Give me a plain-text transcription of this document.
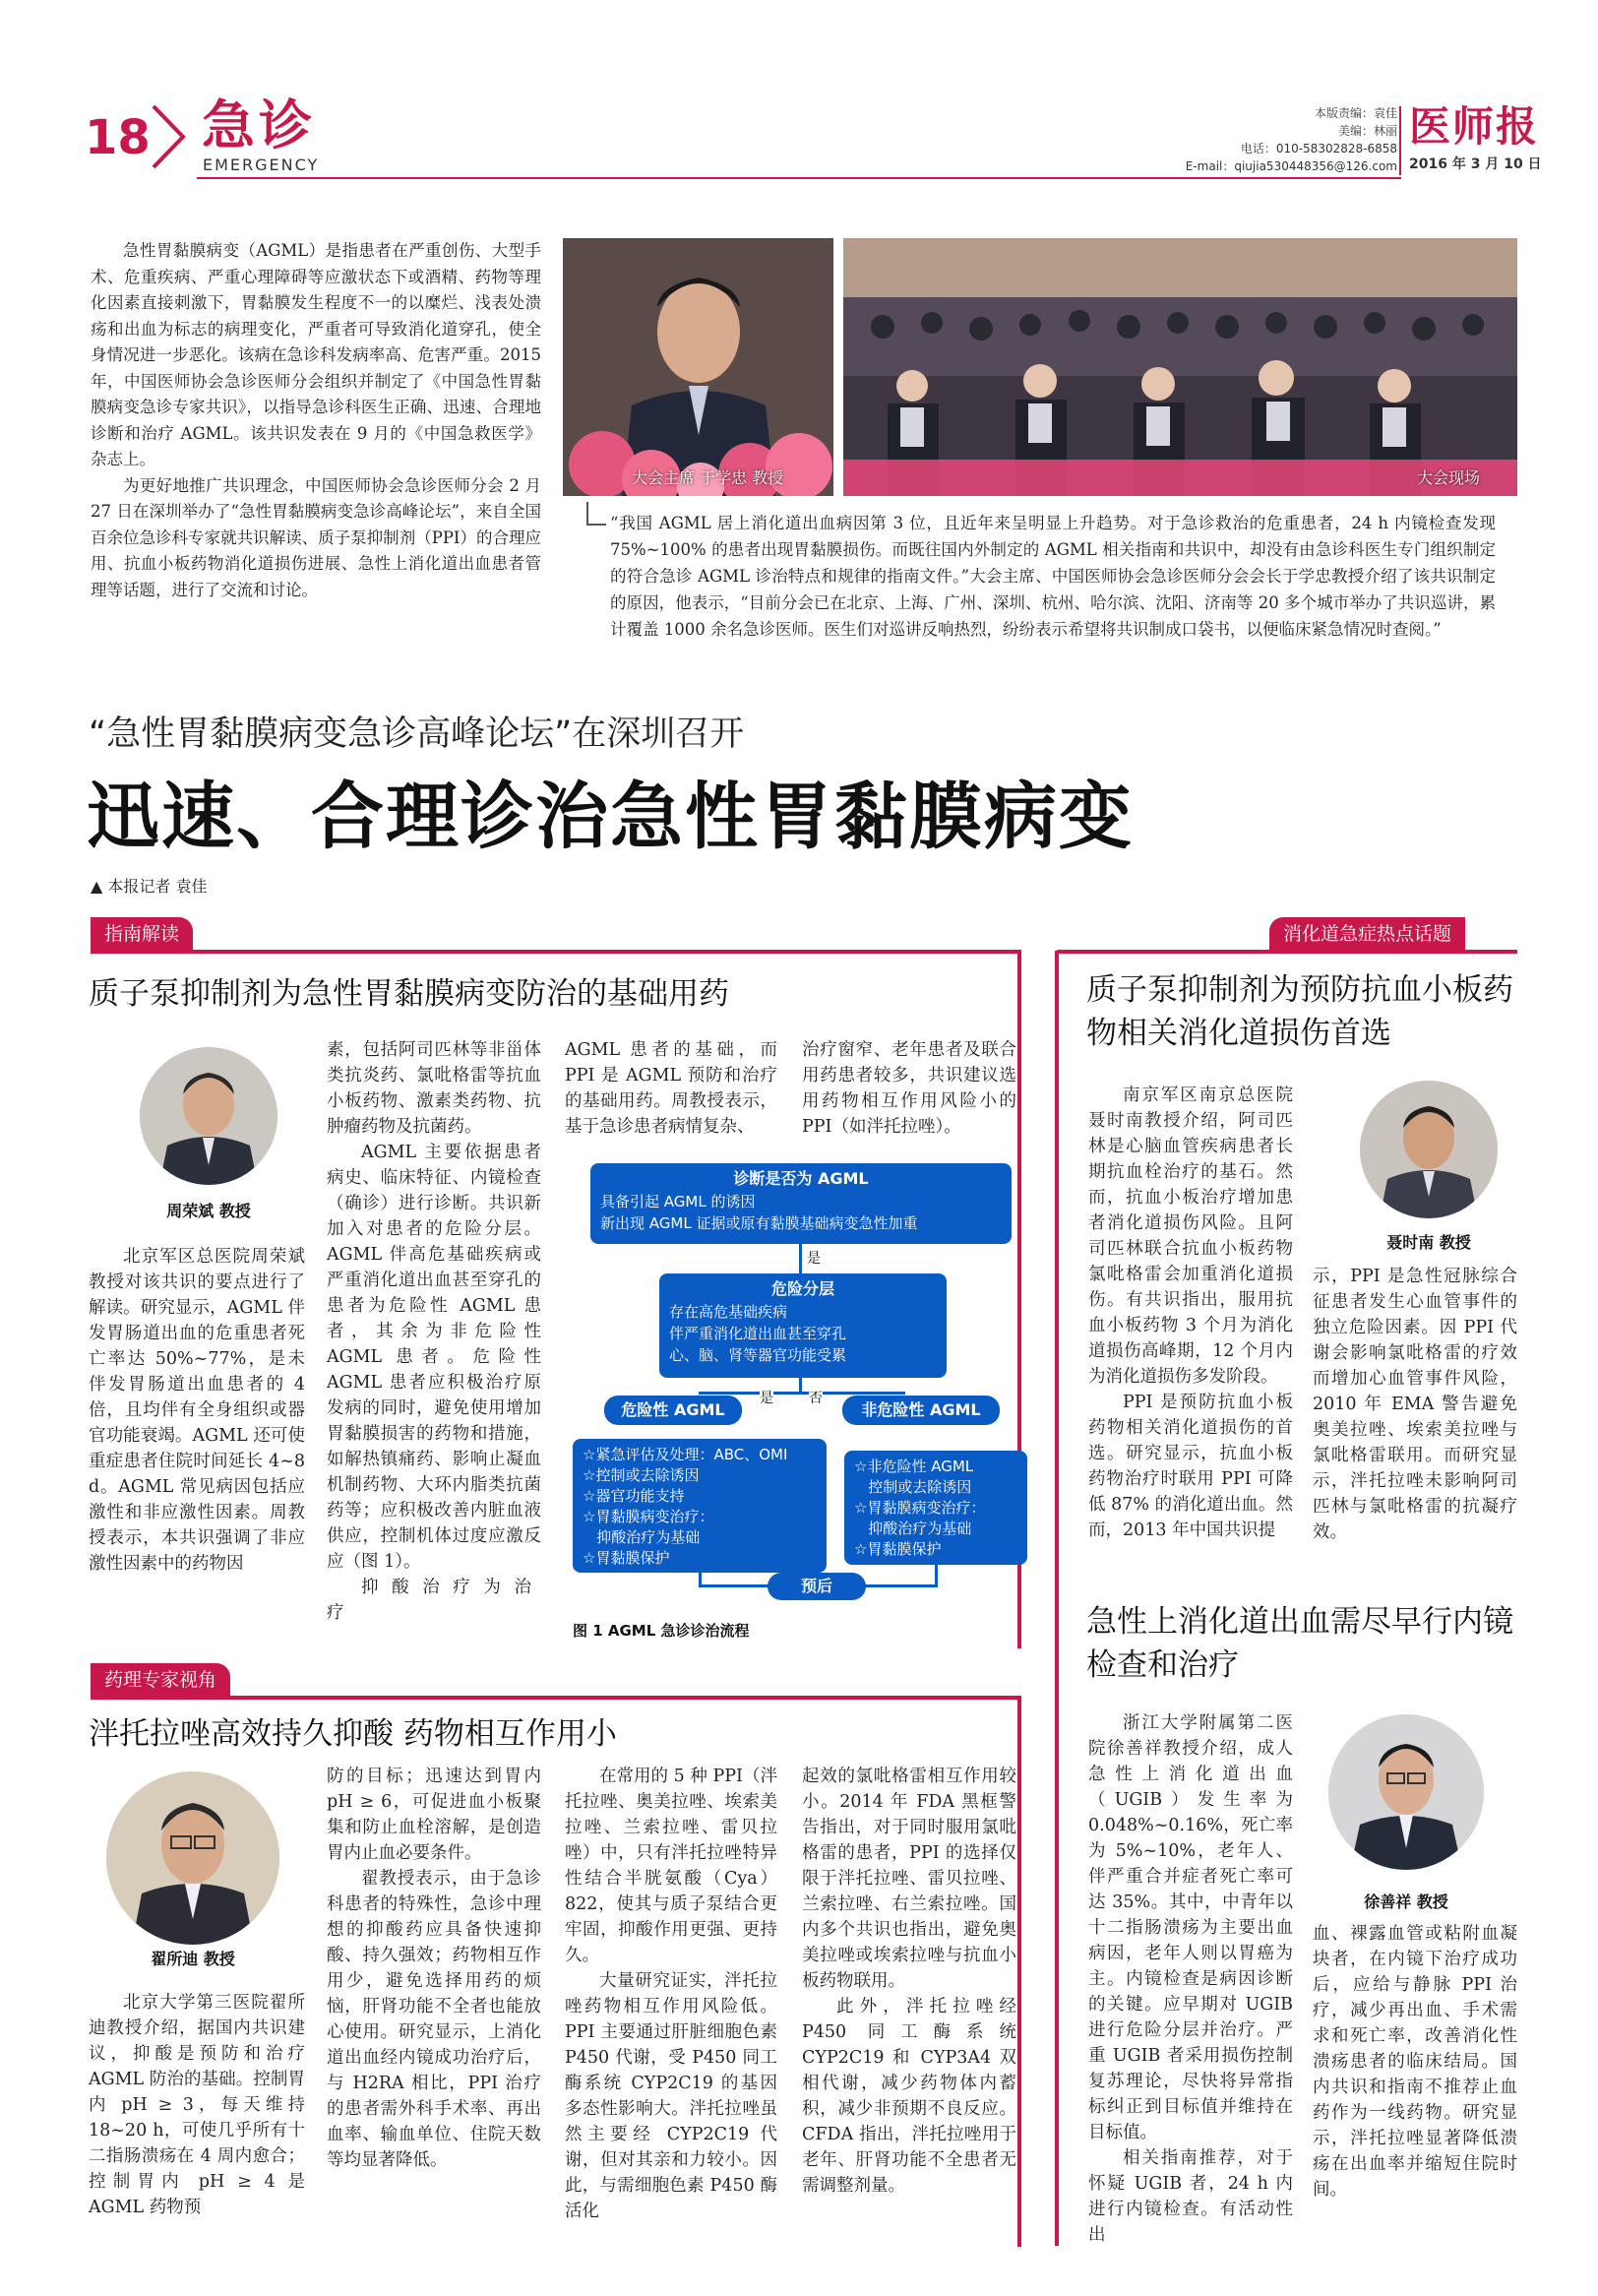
18 急诊
EMERGENCY
本版责编：袁佳
美编：林丽
电话：010-58302828-6858
E-mail：qiujia530448356@126.com
医师报
2016 年 3 月 10 日

急性胃黏膜病变（AGML）是指患者在严重创伤、大型手术、危重疾病、严重心理障碍等应激状态下或酒精、药物等理化因素直接刺激下，胃黏膜发生程度不一的以糜烂、浅表处溃疡和出血为标志的病理变化，严重者可导致消化道穿孔，使全身情况进一步恶化。该病在急诊科发病率高、危害严重。2015 年，中国医师协会急诊医师分会组织并制定了《中国急性胃黏膜病变急诊专家共识》，以指导急诊科医生正确、迅速、合理地诊断和治疗 AGML。该共识发表在 9 月的《中国急救医学》杂志上。

为更好地推广共识理念，中国医师协会急诊医师分会 2 月 27 日在深圳举办了“急性胃黏膜病变急诊高峰论坛”，来自全国百余位急诊科专家就共识解读、质子泵抑制剂（PPI）的合理应用、抗血小板药物消化道损伤进展、急性上消化道出血患者管理等话题，进行了交流和讨论。

大会主席 于学忠 教授	大会现场
“我国 AGML 居上消化道出血病因第 3 位，且近年来呈明显上升趋势。对于急诊救治的危重患者，24 h 内镜检查发现 75%~100% 的患者出现胃黏膜损伤。而既往国内外制定的 AGML 相关指南和共识中，却没有由急诊科医生专门组织制定的符合急诊 AGML 诊治特点和规律的指南文件。”大会主席、中国医师协会急诊医师分会会长于学忠教授介绍了该共识制定的原因，他表示，“目前分会已在北京、上海、广州、深圳、杭州、哈尔滨、沈阳、济南等 20 多个城市举办了共识巡讲，累计覆盖 1000 余名急诊医师。医生们对巡讲反响热烈，纷纷表示希望将共识制成口袋书，以便临床紧急情况时查阅。”
“急性胃黏膜病变急诊高峰论坛”在深圳召开
迅速、合理诊治急性胃黏膜病变
▲ 本报记者 袁佳
指南解读
质子泵抑制剂为急性胃黏膜病变防治的基础用药
周荣斌 教授

北京军区总医院周荣斌教授对该共识的要点进行了解读。研究显示，AGML 伴发胃肠道出血的危重患者死亡率达 50%~77%，是未伴发胃肠道出血患者的 4 倍，且均伴有全身组织或器官功能衰竭。AGML 还可使重症患者住院时间延长 4~8 d。AGML 常见病因包括应激性和非应激性因素。周教授表示，本共识强调了非应激性因素中的药物因

素，包括阿司匹林等非甾体类抗炎药、氯吡格雷等抗血小板药物、激素类药物、抗肿瘤药物及抗菌药。

AGML 主要依据患者病史、临床特征、内镜检查（确诊）进行诊断。共识新加入对患者的危险分层。AGML 伴高危基础疾病或严重消化道出血甚至穿孔的患者为危险性 AGML 患者，其余为非危险性 AGML 患者。危险性 AGML 患者应积极治疗原发病的同时，避免使用增加胃黏膜损害的药物和措施，如解热镇痛药、影响止凝血机制药物、大环内脂类抗菌药等；应积极改善内脏血液供应，控制机体过度应激反应（图 1）。

抑酸治疗为治疗

AGML 患者的基础，而 PPI 是 AGML 预防和治疗的基础用药。周教授表示，基于急诊患者病情复杂、

治疗窗窄、老年患者及联合用药患者较多，共识建议选用药物相互作用风险小的 PPI（如泮托拉唑）。

诊断是否为 AGML
具备引起 AGML 的诱因
新出现 AGML 证据或原有黏膜基础病变急性加重
是
危险分层
存在高危基础疾病
伴严重消化道出血甚至穿孔
心、脑、肾等器官功能受累
是	否
危险性 AGML	非危险性 AGML
☆紧急评估及处理：ABC、OMI
☆控制或去除诱因
☆器官功能支持
☆胃黏膜病变治疗：
抑酸治疗为基础
☆胃黏膜保护
☆非危险性 AGML
控制或去除诱因
☆胃黏膜病变治疗：
抑酸治疗为基础
☆胃黏膜保护
预后
图 1 AGML 急诊诊治流程
药理专家视角
泮托拉唑高效持久抑酸 药物相互作用小
翟所迪 教授

北京大学第三医院翟所迪教授介绍，据国内共识建议，抑酸是预防和治疗 AGML 防治的基础。控制胃内 pH ≥ 3，每天维持 18~20 h，可使几乎所有十二指肠溃疡在 4 周内愈合；控制胃内 pH ≥ 4 是 AGML 药物预

防的目标；迅速达到胃内 pH ≥ 6，可促进血小板聚集和防止血栓溶解，是创造胃内止血必要条件。

翟教授表示，由于急诊科患者的特殊性，急诊中理想的抑酸药应具备快速抑酸、持久强效；药物相互作用少，避免选择用药的烦恼，肝肾功能不全者也能放心使用。研究显示，上消化道出血经内镜成功治疗后，与 H2RA 相比，PPI 治疗的患者需外科手术率、再出血率、输血单位、住院天数等均显著降低。

在常用的 5 种 PPI（泮托拉唑、奥美拉唑、埃索美拉唑、兰索拉唑、雷贝拉唑）中，只有泮托拉唑特异性结合半胱氨酸（Cya）822，使其与质子泵结合更牢固，抑酸作用更强、更持久。

大量研究证实，泮托拉唑药物相互作用风险低。PPI 主要通过肝脏细胞色素 P450 代谢，受 P450 同工酶系统 CYP2C19 的基因多态性影响大。泮托拉唑虽然主要经 CYP2C19 代谢，但对其亲和力较小。因此，与需细胞色素 P450 酶活化

起效的氯吡格雷相互作用较小。2014 年 FDA 黑框警告指出，对于同时服用氯吡格雷的患者，PPI 的选择仅限于泮托拉唑、雷贝拉唑、兰索拉唑、右兰索拉唑。国内多个共识也指出，避免奥美拉唑或埃索拉唑与抗血小板药物联用。

此外，泮托拉唑经 P450 同工酶系统 CYP2C19 和 CYP3A4 双相代谢，减少药物体内蓄积，减少非预期不良反应。CFDA 指出，泮托拉唑用于老年、肝肾功能不全患者无需调整剂量。

消化道急症热点话题
质子泵抑制剂为预防抗血小板药物相关消化道损伤首选
聂时南 教授

南京军区南京总医院聂时南教授介绍，阿司匹林是心脑血管疾病患者长期抗血栓治疗的基石。然而，抗血小板治疗增加患者消化道损伤风险。且阿司匹林联合抗血小板药物氯吡格雷会加重消化道损伤。有共识指出，服用抗血小板药物 3 个月为消化道损伤高峰期，12 个月内为消化道损伤多发阶段。

PPI 是预防抗血小板药物相关消化道损伤的首选。研究显示，抗血小板药物治疗时联用 PPI 可降低 87% 的消化道出血。然而，2013 年中国共识提

示，PPI 是急性冠脉综合征患者发生心血管事件的独立危险因素。因 PPI 代谢会影响氯吡格雷的疗效而增加心血管事件风险，2010 年 EMA 警告避免奥美拉唑、埃索美拉唑与氯吡格雷联用。而研究显示，泮托拉唑未影响阿司匹林与氯吡格雷的抗凝疗效。

急性上消化道出血需尽早行内镜检查和治疗
徐善祥 教授

浙江大学附属第二医院徐善祥教授介绍，成人急性上消化道出血（UGIB）发生率为 0.048%~0.16%，死亡率为 5%~10%，老年人、伴严重合并症者死亡率可达 35%。其中，中青年以十二指肠溃疡为主要出血病因，老年人则以胃癌为主。内镜检查是病因诊断的关键。应早期对 UGIB 进行危险分层并治疗。严重 UGIB 者采用损伤控制复苏理论，尽快将异常指标纠正到目标值并维持在目标值。

相关指南推荐，对于怀疑 UGIB 者，24 h 内进行内镜检查。有活动性出

血、裸露血管或粘附血凝块者，在内镜下治疗成功后，应给与静脉 PPI 治疗，减少再出血、手术需求和死亡率，改善消化性溃疡患者的临床结局。国内共识和指南不推荐止血药作为一线药物。研究显示，泮托拉唑显著降低溃疡在出血率并缩短住院时间。
